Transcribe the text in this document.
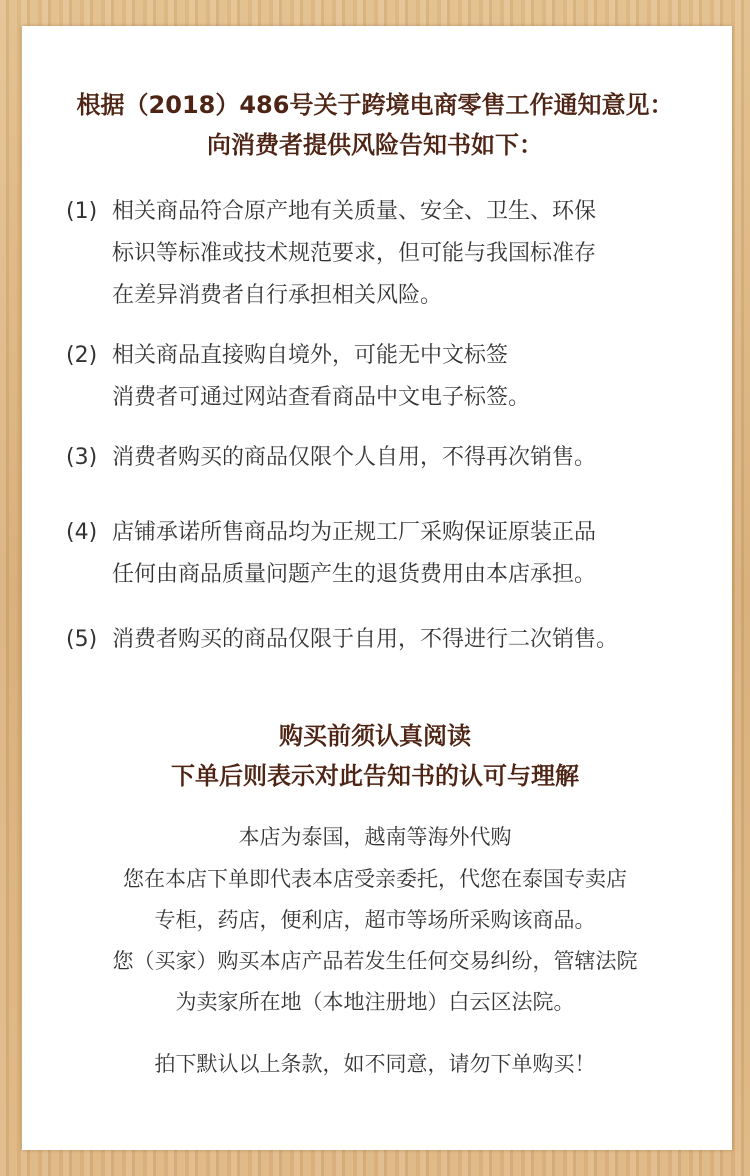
根据（2018）486号关于跨境电商零售工作通知意见：
向消费者提供风险告知书如下：
(1) 相关商品符合原产地有关质量、安全、卫生、环保
标识等标准或技术规范要求，但可能与我国标准存
在差异消费者自行承担相关风险。
(2) 相关商品直接购自境外，可能无中文标签
消费者可通过网站查看商品中文电子标签。
(3) 消费者购买的商品仅限个人自用，不得再次销售。
(4) 店铺承诺所售商品均为正规工厂采购保证原装正品
任何由商品质量问题产生的退货费用由本店承担。
(5) 消费者购买的商品仅限于自用，不得进行二次销售。
购买前须认真阅读
下单后则表示对此告知书的认可与理解
本店为泰国，越南等海外代购
您在本店下单即代表本店受亲委托，代您在泰国专卖店
专柜，药店，便利店，超市等场所采购该商品。
您（买家）购买本店产品若发生任何交易纠纷，管辖法院
为卖家所在地（本地注册地）白云区法院。
拍下默认以上条款，如不同意，请勿下单购买！
